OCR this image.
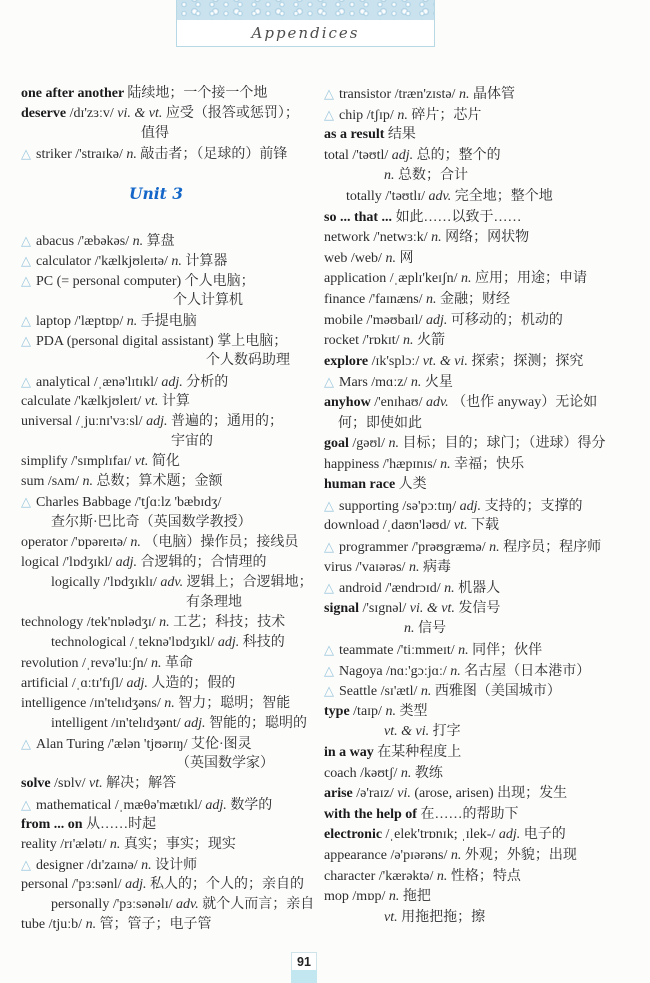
Appendices
one after another 陆续地；一个接一个地
deserve /dɪ'zɜːv/ vi. & vt. 应受（报答或惩罚）；
值得
△ striker /'straɪkə/ n. 敲击者；（足球的）前锋
Unit 3
△ abacus /'æbəkəs/ n. 算盘
△ calculator /'kælkjʊleɪtə/ n. 计算器
△ PC (= personal computer) 个人电脑；
个人计算机
△ laptop /'læptɒp/ n. 手提电脑
△ PDA (personal digital assistant) 掌上电脑；
个人数码助理
△ analytical /ˌænə'lɪtɪkl/ adj. 分析的
calculate /'kælkjʊleɪt/ vt. 计算
universal /ˌjuːnɪ'vɜːsl/ adj. 普遍的；通用的；
宇宙的
simplify /'sɪmplɪfaɪ/ vt. 简化
sum /sʌm/ n. 总数；算术题；金额
△ Charles Babbage /'tʃɑːlz 'bæbɪdʒ/
查尔斯·巴比奇（英国数学教授）
operator /'ɒpəreɪtə/ n. （电脑）操作员；接线员
logical /'lɒdʒɪkl/ adj. 合逻辑的；合情理的
logically /'lɒdʒɪklɪ/ adv. 逻辑上；合逻辑地；
有条理地
technology /tek'nɒlədʒɪ/ n. 工艺；科技；技术
technological /ˌteknə'lɒdʒɪkl/ adj. 科技的
revolution /ˌrevə'luːʃn/ n. 革命
artificial /ˌɑːtɪ'fɪʃl/ adj. 人造的；假的
intelligence /ɪn'telɪdʒəns/ n. 智力；聪明；智能
intelligent /ɪn'telɪdʒənt/ adj. 智能的；聪明的
△ Alan Turing /'ælən 'tjʊərɪŋ/ 艾伦·图灵
（英国数学家）
solve /sɒlv/ vt. 解决；解答
△ mathematical /ˌmæθə'mætɪkl/ adj. 数学的
from ... on 从……时起
reality /rɪ'ælətɪ/ n. 真实；事实；现实
△ designer /dɪ'zaɪnə/ n. 设计师
personal /'pɜːsənl/ adj. 私人的；个人的；亲自的
personally /'pɜːsənəlɪ/ adv. 就个人而言；亲自
tube /tjuːb/ n. 管；管子；电子管
△ transistor /træn'zɪstə/ n. 晶体管
△ chip /tʃɪp/ n. 碎片；芯片
as a result 结果
total /'təʊtl/ adj. 总的；整个的
n. 总数；合计
totally /'təʊtlɪ/ adv. 完全地；整个地
so ... that ... 如此……以致于……
network /'netwɜːk/ n. 网络；网状物
web /web/ n. 网
application /ˌæplɪ'keɪʃn/ n. 应用；用途；申请
finance /'faɪnæns/ n. 金融；财经
mobile /'məʊbaɪl/ adj. 可移动的；机动的
rocket /'rɒkɪt/ n. 火箭
explore /ɪk'splɔː/ vt. & vi. 探索；探测；探究
△ Mars /mɑːz/ n. 火星
anyhow /'enɪhaʊ/ adv. （也作 anyway）无论如
何；即使如此
goal /gəʊl/ n. 目标；目的；球门；（进球）得分
happiness /'hæpɪnɪs/ n. 幸福；快乐
human race 人类
△ supporting /sə'pɔːtɪŋ/ adj. 支持的；支撑的
download /ˌdaʊn'ləʊd/ vt. 下载
△ programmer /'prəʊgræmə/ n. 程序员；程序师
virus /'vaɪərəs/ n. 病毒
△ android /'ændrɔɪd/ n. 机器人
signal /'sɪgnəl/ vi. & vt. 发信号
n. 信号
△ teammate /'tiːmmeɪt/ n. 同伴；伙伴
△ Nagoya /nɑː'gɔːjɑː/ n. 名古屋（日本港市）
△ Seattle /sɪ'ætl/ n. 西雅图（美国城市）
type /taɪp/ n. 类型
vt. & vi. 打字
in a way 在某种程度上
coach /kəʊtʃ/ n. 教练
arise /ə'raɪz/ vi. (arose, arisen) 出现；发生
with the help of 在……的帮助下
electronic /ˌelek'trɒnɪk; ˌɪlek-/ adj. 电子的
appearance /ə'pɪərəns/ n. 外观；外貌；出现
character /'kærəktə/ n. 性格；特点
mop /mɒp/ n. 拖把
vt. 用拖把拖；擦
91
